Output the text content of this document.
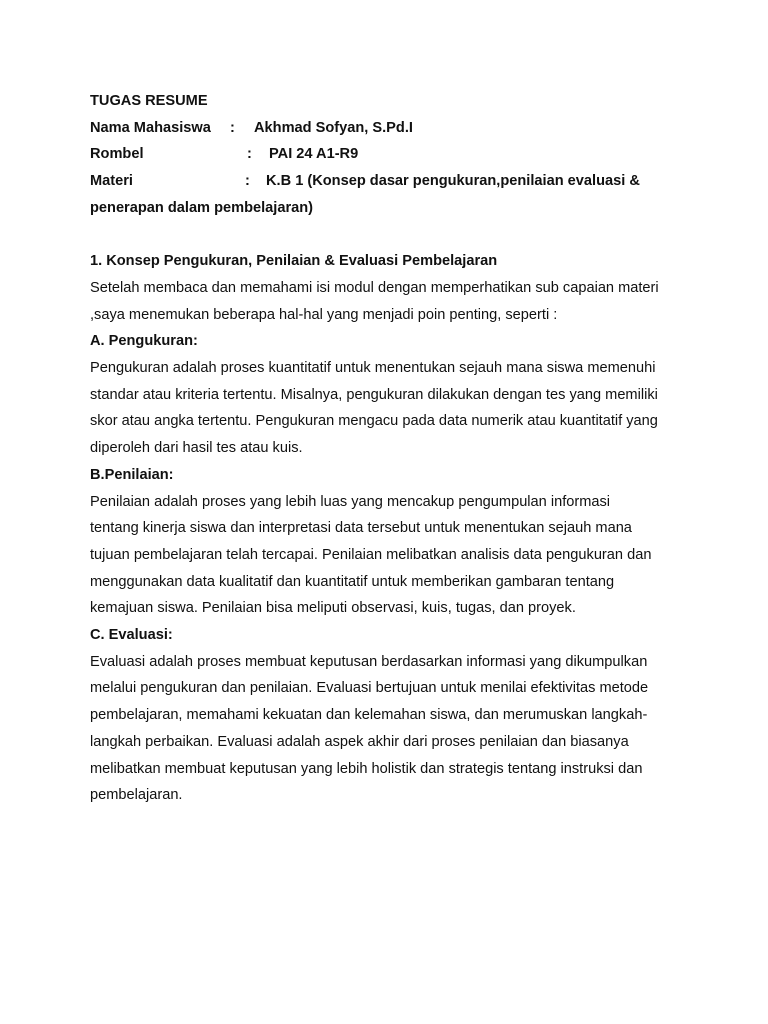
TUGAS RESUME
Nama Mahasiswa : Akhmad Sofyan, S.Pd.I
Rombel	: PAI 24 A1-R9
Materi	: K.B 1 (Konsep dasar pengukuran,penilaian evaluasi &
penerapan dalam pembelajaran)
1. Konsep Pengukuran, Penilaian & Evaluasi Pembelajaran
Setelah membaca dan memahami isi modul dengan memperhatikan sub capaian materi
,saya menemukan beberapa hal-hal yang menjadi poin penting, seperti :
A. Pengukuran:
Pengukuran adalah proses kuantitatif untuk menentukan sejauh mana siswa memenuhi
standar atau kriteria tertentu. Misalnya, pengukuran dilakukan dengan tes yang memiliki
skor atau angka tertentu. Pengukuran mengacu pada data numerik atau kuantitatif yang
diperoleh dari hasil tes atau kuis.
B.Penilaian:
Penilaian adalah proses yang lebih luas yang mencakup pengumpulan informasi
tentang kinerja siswa dan interpretasi data tersebut untuk menentukan sejauh mana
tujuan pembelajaran telah tercapai. Penilaian melibatkan analisis data pengukuran dan
menggunakan data kualitatif dan kuantitatif untuk memberikan gambaran tentang
kemajuan siswa. Penilaian bisa meliputi observasi, kuis, tugas, dan proyek.
C. Evaluasi:
Evaluasi adalah proses membuat keputusan berdasarkan informasi yang dikumpulkan
melalui pengukuran dan penilaian. Evaluasi bertujuan untuk menilai efektivitas metode
pembelajaran, memahami kekuatan dan kelemahan siswa, dan merumuskan langkah-
langkah perbaikan. Evaluasi adalah aspek akhir dari proses penilaian dan biasanya
melibatkan membuat keputusan yang lebih holistik dan strategis tentang instruksi dan
pembelajaran.
